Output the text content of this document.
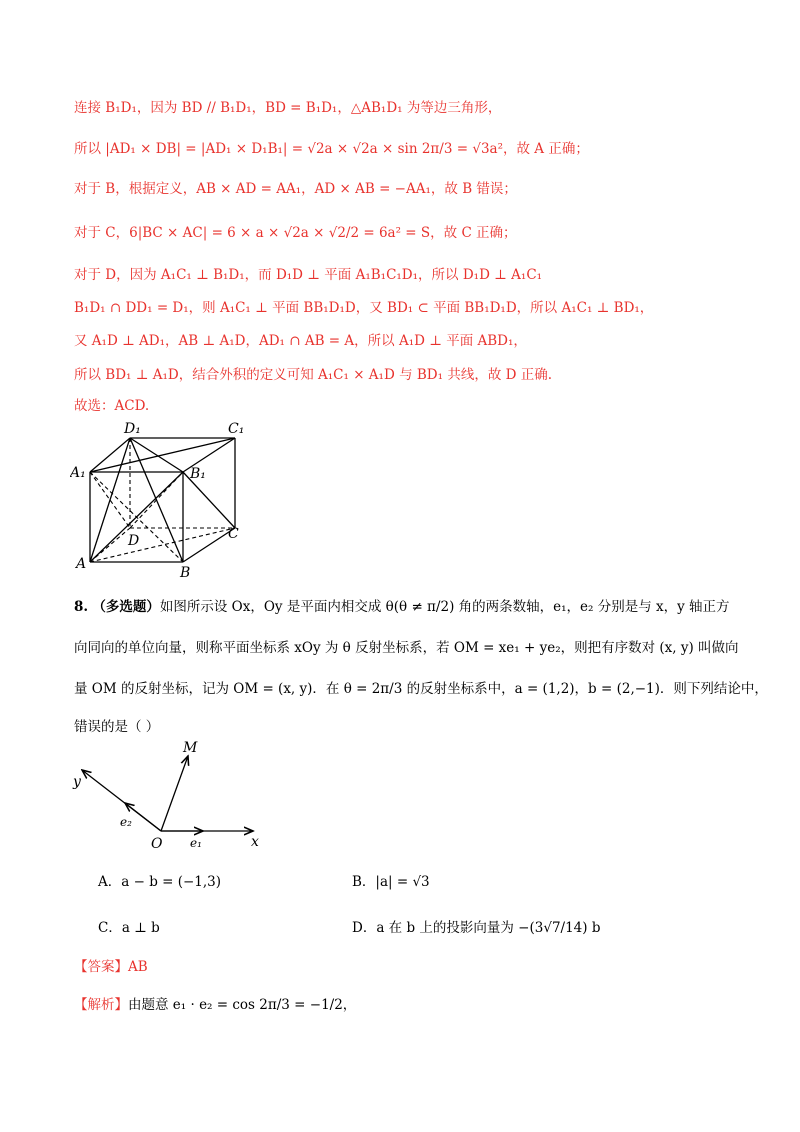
连接 B₁D₁，因为 BD // B₁D₁，BD = B₁D₁，△AB₁D₁ 为等边三角形，
所以 |AD₁ × DB| = |AD₁ × D₁B₁| = √2a × √2a × sin 2π/3 = √3a²，故 A 正确；
对于 B，根据定义，AB × AD = AA₁，AD × AB = −AA₁，故 B 错误；
对于 C，6|BC × AC| = 6 × a × √2a × √2/2 = 6a² = S，故 C 正确；
对于 D，因为 A₁C₁ ⊥ B₁D₁，而 D₁D ⊥ 平面 A₁B₁C₁D₁，所以 D₁D ⊥ A₁C₁
B₁D₁ ∩ DD₁ = D₁，则 A₁C₁ ⊥ 平面 BB₁D₁D，又 BD₁ ⊂ 平面 BB₁D₁D，所以 A₁C₁ ⊥ BD₁，
又 A₁D ⊥ AD₁，AB ⊥ A₁D，AD₁ ∩ AB = A，所以 A₁D ⊥ 平面 ABD₁，
所以 BD₁ ⊥ A₁D，结合外积的定义可知 A₁C₁ × A₁D 与 BD₁ 共线，故 D 正确.
故选：ACD.
D₁	C₁
A₁	B₁
C
D
A
B
8. （多选题）如图所示设 Ox，Oy 是平面内相交成 θ(θ ≠ π/2) 角的两条数轴，e₁，e₂ 分别是与 x，y 轴正方
向同向的单位向量，则称平面坐标系 xOy 为 θ 反射坐标系，若 OM = xe₁ + ye₂，则把有序数对 (x, y) 叫做向
量 OM 的反射坐标，记为 OM = (x, y)．在 θ = 2π/3 的反射坐标系中，a = (1,2)，b = (2,−1)．则下列结论中，
错误的是（ ）
M
y
e₂
O e₁	x
A．a − b = (−1,3)	B．|a| = √3
C．a ⊥ b	D．a 在 b 上的投影向量为 −(3√7/14) b
【答案】AB
【解析】由题意 e₁ · e₂ = cos 2π/3 = −1/2，
